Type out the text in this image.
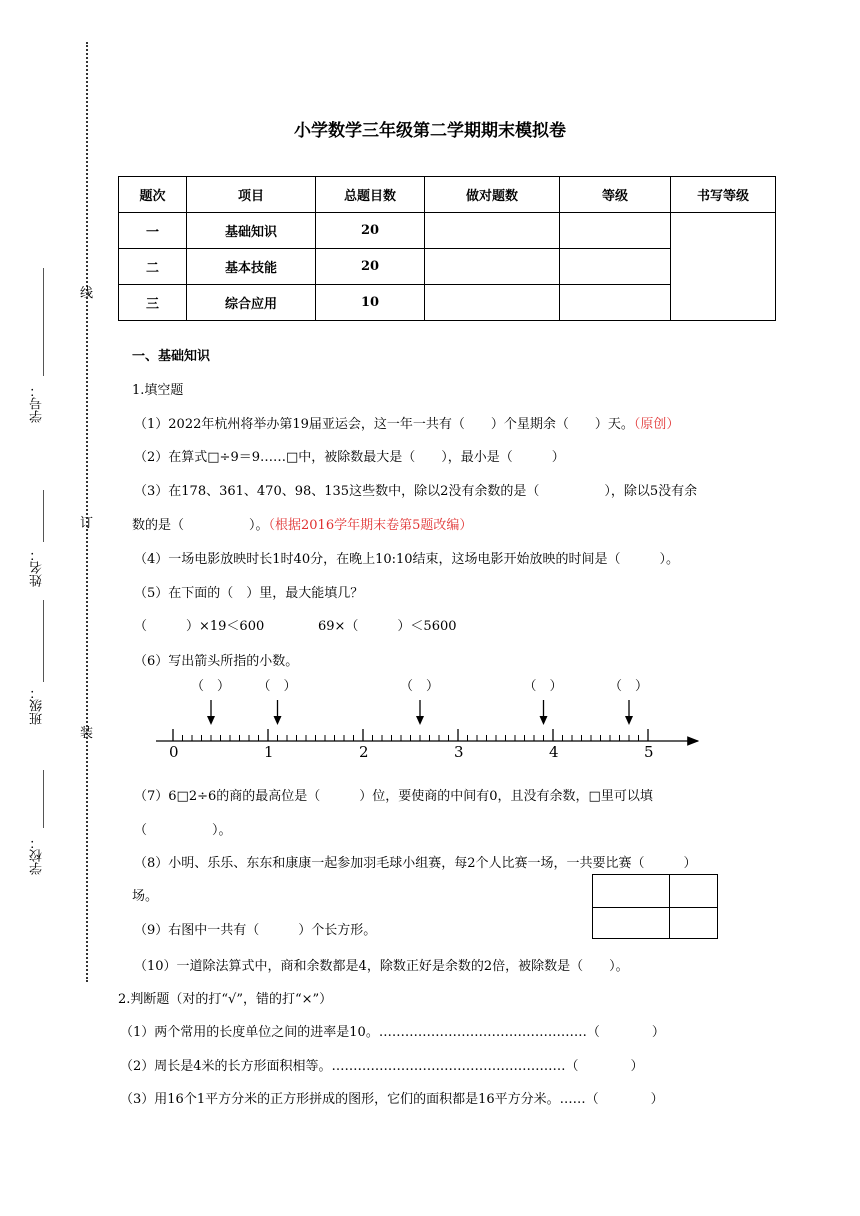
线
订
装
学号：
姓名：
班级：
学校：
小学数学三年级第二学期期末模拟卷
题次	项目	总题目数	做对题数	等级	书写等级
一	基础知识	20			
二	基本技能	20			
三	综合应用	10			
一、基础知识
1.填空题
（1）2022年杭州将举办第19届亚运会，这一年一共有（　　）个星期余（　　）天。（原创）
（2）在算式□÷9＝9……□中，被除数最大是（　　），最小是（　　　）
（3）在178、361、470、98、135这些数中，除以2没有余数的是（　　　　　），除以5没有余
数的是（　　　　　）。（根据2016学年期末卷第5题改编）
（4）一场电影放映时长1时40分，在晚上10:10结束，这场电影开始放映的时间是（　　　）。
（5）在下面的（　）里，最大能填几？
（　　　）×19＜600	69×（　　　）＜5600
（6）写出箭头所指的小数。
0	1	2	3	4	5
（　） （　）	（　）	（　）	（　）
（7）6□2÷6的商的最高位是（　　　）位，要使商的中间有0，且没有余数，□里可以填
（　　　　　）。
（8）小明、乐乐、东东和康康一起参加羽毛球小组赛，每2个人比赛一场，一共要比赛（　　　）
场。
（9）右图中一共有（　　　）个长方形。
（10）一道除法算式中，商和余数都是4，除数正好是余数的2倍，被除数是（　　）。
2.判断题（对的打“√”，错的打“×”）
（1）两个常用的长度单位之间的进率是10。…………………………………………（　　　　）
（2）周长是4米的长方形面积相等。………………………………………………（　　　　）
（3）用16个1平方分米的正方形拼成的图形，它们的面积都是16平方分米。……（　　　　）
